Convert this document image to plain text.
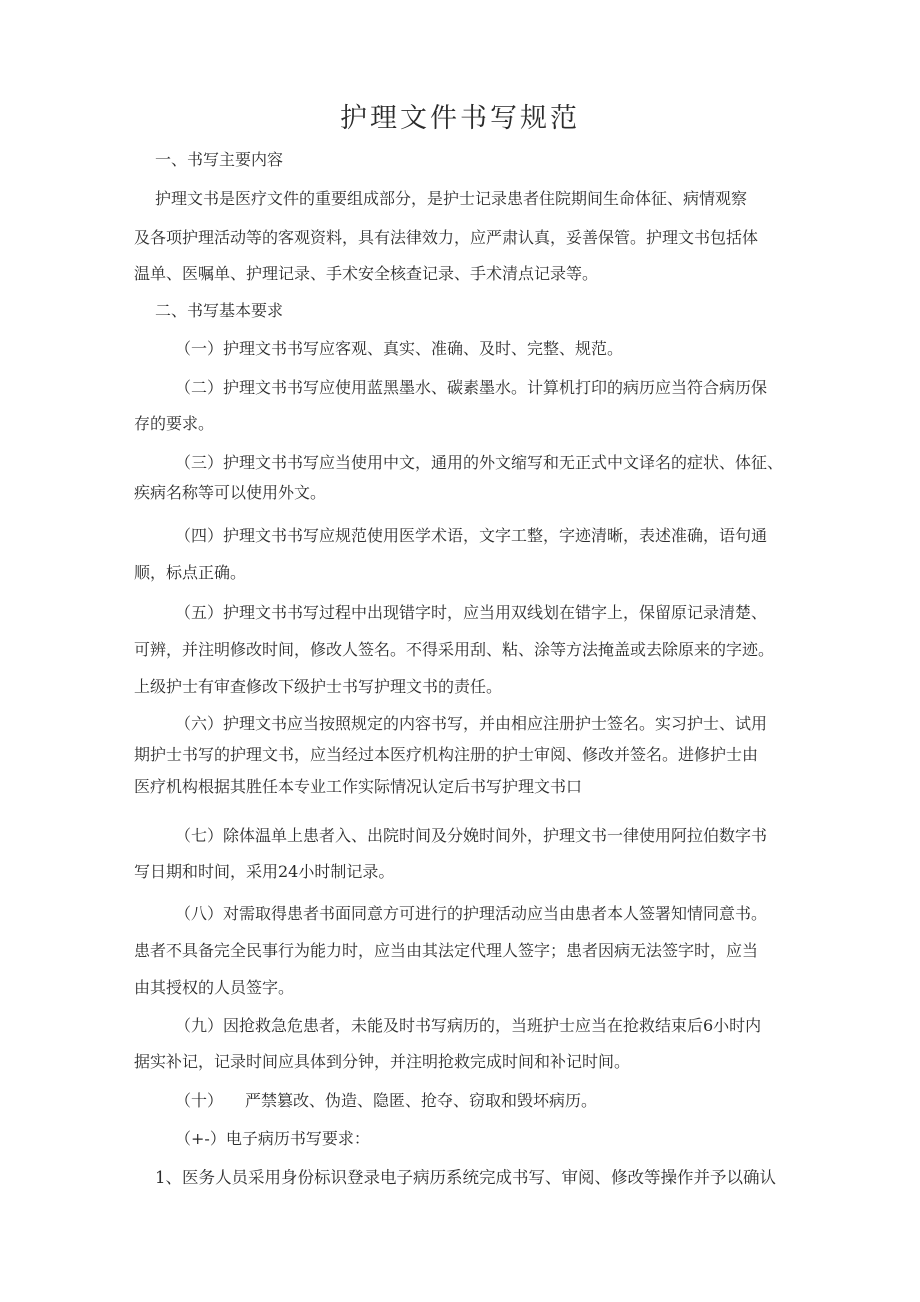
护理文件书写规范
一、书写主要内容
护理文书是医疗文件的重要组成部分，是护士记录患者住院期间生命体征、病情观察
及各项护理活动等的客观资料，具有法律效力，应严肃认真，妥善保管。护理文书包括体
温单、医嘱单、护理记录、手术安全核查记录、手术清点记录等。
二、书写基本要求
（一）护理文书书写应客观、真实、准确、及时、完整、规范。
（二）护理文书书写应使用蓝黑墨水、碳素墨水。计算机打印的病历应当符合病历保
存的要求。
（三）护理文书书写应当使用中文，通用的外文缩写和无正式中文译名的症状、体征、
疾病名称等可以使用外文。
（四）护理文书书写应规范使用医学术语，文字工整，字迹清晰，表述准确，语句通
顺，标点正确。
（五）护理文书书写过程中出现错字时，应当用双线划在错字上，保留原记录清楚、
可辨，并注明修改时间，修改人签名。不得采用刮、粘、涂等方法掩盖或去除原来的字迹。
上级护士有审查修改下级护士书写护理文书的责任。
（六）护理文书应当按照规定的内容书写，并由相应注册护士签名。实习护士、试用
期护士书写的护理文书，应当经过本医疗机构注册的护士审阅、修改并签名。进修护士由
医疗机构根据其胜任本专业工作实际情况认定后书写护理文书口
（七）除体温单上患者入、出院时间及分娩时间外，护理文书一律使用阿拉伯数字书
写日期和时间，采用24小时制记录。
（八）对需取得患者书面同意方可进行的护理活动应当由患者本人签署知情同意书。
患者不具备完全民事行为能力时，应当由其法定代理人签字；患者因病无法签字时，应当
由其授权的人员签字。
（九）因抢救急危患者，未能及时书写病历的，当班护士应当在抢救结束后6小时内
据实补记，记录时间应具体到分钟，并注明抢救完成时间和补记时间。
（十） 严禁篡改、伪造、隐匿、抢夺、窃取和毁坏病历。
（+-）电子病历书写要求：
1、医务人员采用身份标识登录电子病历系统完成书写、审阅、修改等操作并予以确认
